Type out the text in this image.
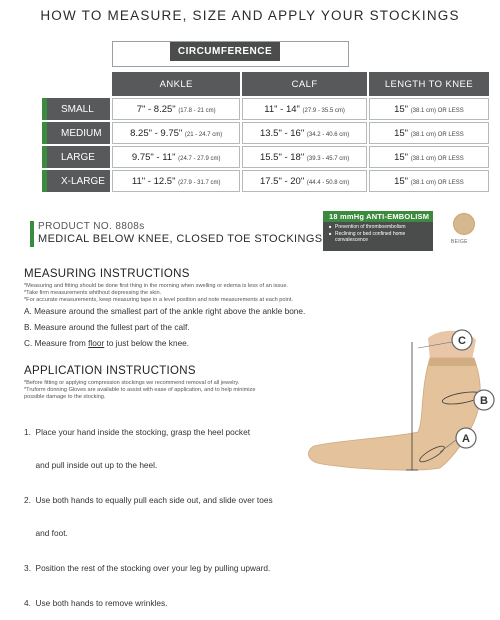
HOW TO MEASURE, SIZE AND APPLY YOUR STOCKINGS
CIRCUMFERENCE
	ANKLE	CALF	LENGTH TO KNEE
SMALL	7" - 8.25" (17.8 - 21 cm)	11" - 14" (27.9 - 35.5 cm)	15" (38.1 cm) OR LESS
MEDIUM	8.25" - 9.75" (21 - 24.7 cm)	13.5" - 16" (34.2 - 40.6 cm)	15" (38.1 cm) OR LESS
LARGE	9.75" - 11" (24.7 - 27.9 cm)	15.5" - 18" (39.3 - 45.7 cm)	15" (38.1 cm) OR LESS
X-LARGE	11" - 12.5" (27.9 - 31.7 cm)	17.5" - 20" (44.4 - 50.8 cm)	15" (38.1 cm) OR LESS
PRODUCT NO. 8808s
MEDICAL BELOW KNEE, CLOSED TOE STOCKINGS
18 mmHg ANTI-EMBOLISM
■ Prevention of thromboembolism
■ Reclining or bed confined home convalescence	BEIGE
MEASURING INSTRUCTIONS
*Measuring and fitting should be done first thing in the morning when swelling or edema is less of an issue.
*Take firm measurements whithout depressing the skin.
*For accurate measurements, keep measuring tape in a level position and note measurements at each point.
A. Measure around the smallest part of the ankle right above the ankle bone.
B. Measure around the fullest part of the calf.
C. Measure from floor to just below the knee.
APPLICATION INSTRUCTIONS
*Before fitting or applying compression stockings we recommend removal of all jewelry.
*Truform donning Gloves are available to assist with ease of application, and to help minimize
possible damage to the stocking.

1.  Place your hand inside the stocking, grasp the heel pocket

and pull inside out up to the heel.

2.  Use both hands to equally pull each side out, and slide over toes

and foot.

3.  Position the rest of the stocking over your leg by pulling upward.

4.  Use both hands to remove wrinkles.

C
B
A
